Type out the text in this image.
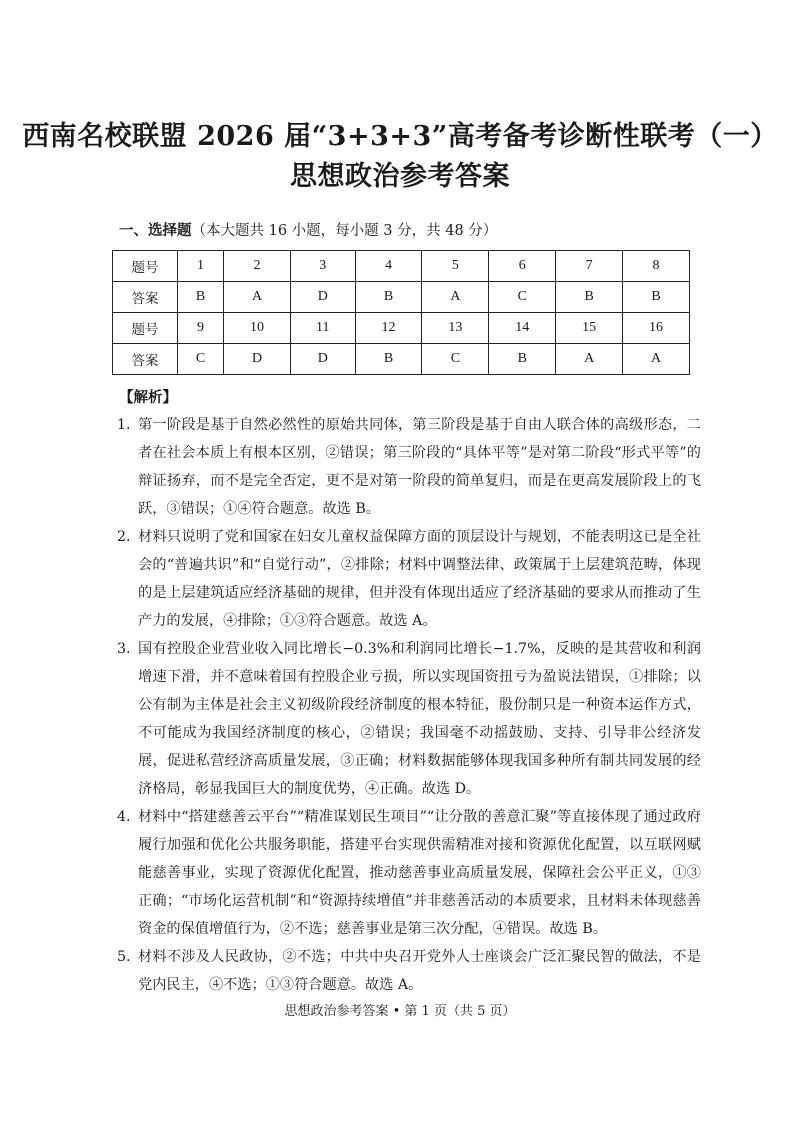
西南名校联盟 2026 届“3+3+3”高考备考诊断性联考（一）
思想政治参考答案
一、选择题（本大题共 16 小题，每小题 3 分，共 48 分）
题号	1	2	3	4	5	6	7	8
答案	B	A	D	B	A	C	B	B
题号	9	10	11	12	13	14	15	16
答案	C	D	D	B	C	B	A	A
【解析】
1. 第一阶段是基于自然必然性的原始共同体，第三阶段是基于自由人联合体的高级形态，二者在社会本质上有根本区别，②错误；第三阶段的“具体平等”是对第二阶段“形式平等”的辩证扬弃，而不是完全否定，更不是对第一阶段的简单复归，而是在更高发展阶段上的飞跃，③错误；①④符合题意。故选 B。
2. 材料只说明了党和国家在妇女儿童权益保障方面的顶层设计与规划，不能表明这已是全社会的“普遍共识”和“自觉行动”，②排除；材料中调整法律、政策属于上层建筑范畴，体现的是上层建筑适应经济基础的规律，但并没有体现出适应了经济基础的要求从而推动了生产力的发展，④排除；①③符合题意。故选 A。
3. 国有控股企业营业收入同比增长−0.3%和利润同比增长−1.7%，反映的是其营收和利润增速下滑，并不意味着国有控股企业亏损，所以实现国资扭亏为盈说法错误，①排除；以公有制为主体是社会主义初级阶段经济制度的根本特征，股份制只是一种资本运作方式，不可能成为我国经济制度的核心，②错误；我国毫不动摇鼓励、支持、引导非公经济发展，促进私营经济高质量发展，③正确；材料数据能够体现我国多种所有制共同发展的经济格局，彰显我国巨大的制度优势，④正确。故选 D。
4. 材料中“搭建慈善云平台”“精准谋划民生项目”“让分散的善意汇聚”等直接体现了通过政府履行加强和优化公共服务职能，搭建平台实现供需精准对接和资源优化配置，以互联网赋能慈善事业，实现了资源优化配置，推动慈善事业高质量发展，保障社会公平正义，①③正确；“市场化运营机制”和“资源持续增值”并非慈善活动的本质要求，且材料未体现慈善资金的保值增值行为，②不选；慈善事业是第三次分配，④错误。故选 B。
5. 材料不涉及人民政协，②不选；中共中央召开党外人士座谈会广泛汇聚民智的做法，不是党内民主，④不选；①③符合题意。故选 A。
思想政治参考答案 • 第 1 页（共 5 页）
